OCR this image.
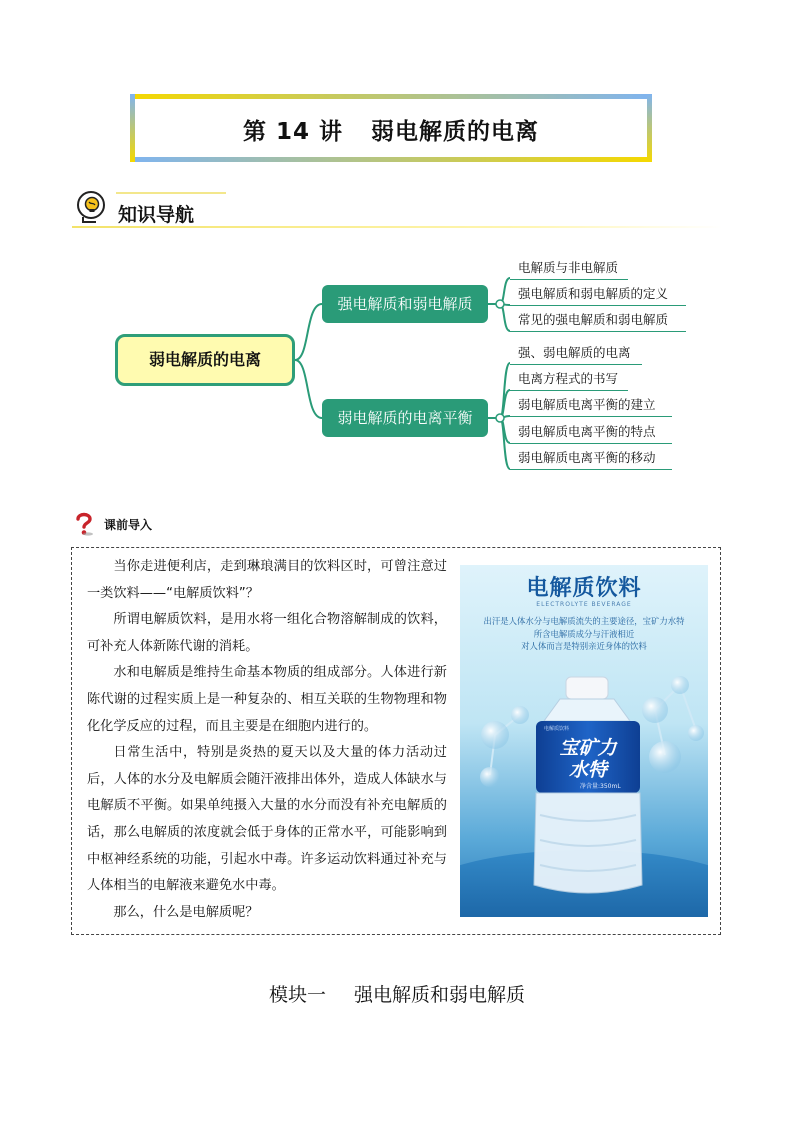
第 14 讲 弱电解质的电离
知识导航
弱电解质的电离
强电解质和弱电解质
弱电解质的电离平衡
电解质与非电解质
强电解质和弱电解质的定义
常见的强电解质和弱电解质
强、弱电解质的电离
电离方程式的书写
弱电解质电离平衡的建立
弱电解质电离平衡的特点
弱电解质电离平衡的移动
课前导入

当你走进便利店，走到琳琅满目的饮料区时，可曾注意过一类饮料——“电解质饮料”？

所谓电解质饮料，是用水将一组化合物溶解制成的饮料，可补充人体新陈代谢的消耗。

水和电解质是维持生命基本物质的组成部分。人体进行新陈代谢的过程实质上是一种复杂的、相互关联的生物物理和物化化学反应的过程，而且主要是在细胞内进行的。

日常生活中，特别是炎热的夏天以及大量的体力活动过后，人体的水分及电解质会随汗液排出体外，造成人体缺水与电解质不平衡。如果单纯摄入大量的水分而没有补充电解质的话，那么电解质的浓度就会低于身体的正常水平，可能影响到中枢神经系统的功能，引起水中毒。许多运动饮料通过补充与人体相当的电解液来避免水中毒。

那么，什么是电解质呢？

电解质饮料
ELECTROLYTE BEVERAGE
出汗是人体水分与电解质流失的主要途径，宝矿力水特
所含电解质成分与汗液相近
对人体而言是特别亲近身体的饮料
电解质饮料
宝矿力
水特
净含量:350mL
模块一 强电解质和弱电解质
